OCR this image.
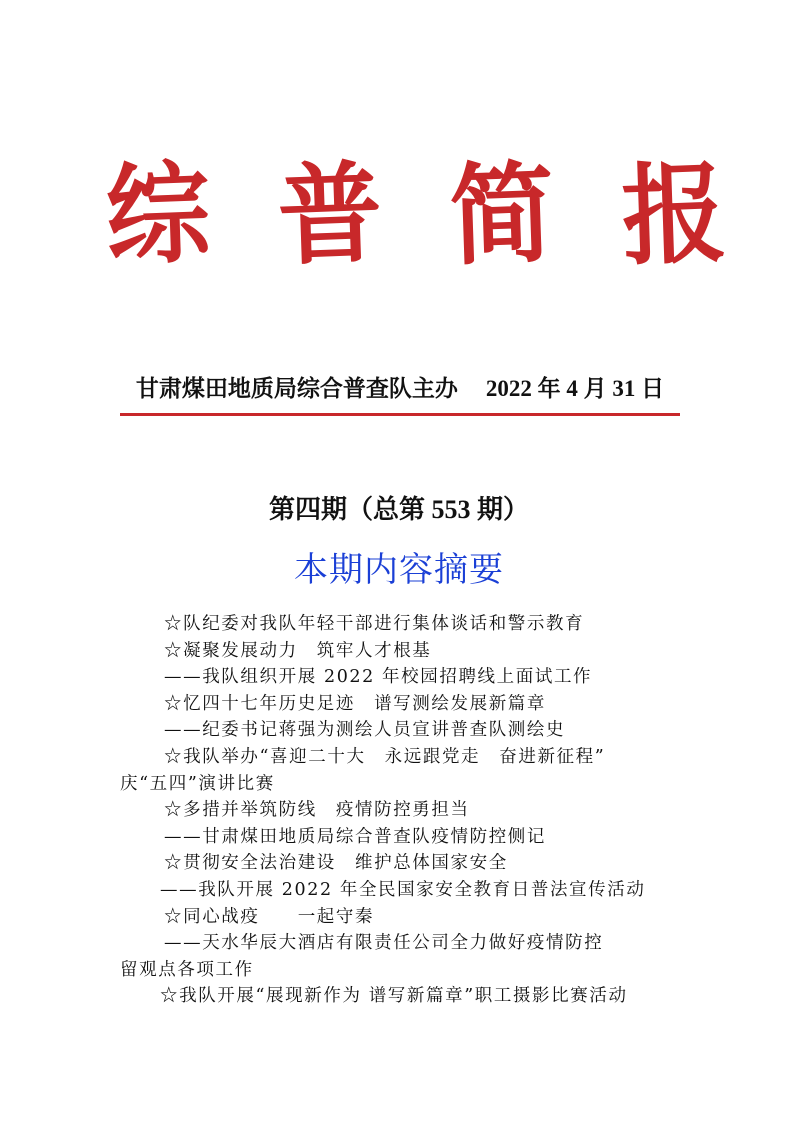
综 普 简 报
甘肃煤田地质局综合普查队主办 2022 年 4 月 31 日
第四期（总第 553 期）
本期内容摘要
☆队纪委对我队年轻干部进行集体谈话和警示教育
☆凝聚发展动力　筑牢人才根基
——我队组织开展 2022 年校园招聘线上面试工作
☆忆四十七年历史足迹　谱写测绘发展新篇章
——纪委书记蒋强为测绘人员宣讲普查队测绘史
☆我队举办“喜迎二十大　永远跟党走　奋进新征程”
庆“五四”演讲比赛
☆多措并举筑防线　疫情防控勇担当
——甘肃煤田地质局综合普查队疫情防控侧记
☆贯彻安全法治建设　维护总体国家安全
——我队开展 2022 年全民国家安全教育日普法宣传活动
☆同心战疫　　一起守秦
——天水华辰大酒店有限责任公司全力做好疫情防控
留观点各项工作
☆我队开展“展现新作为 谱写新篇章”职工摄影比赛活动
